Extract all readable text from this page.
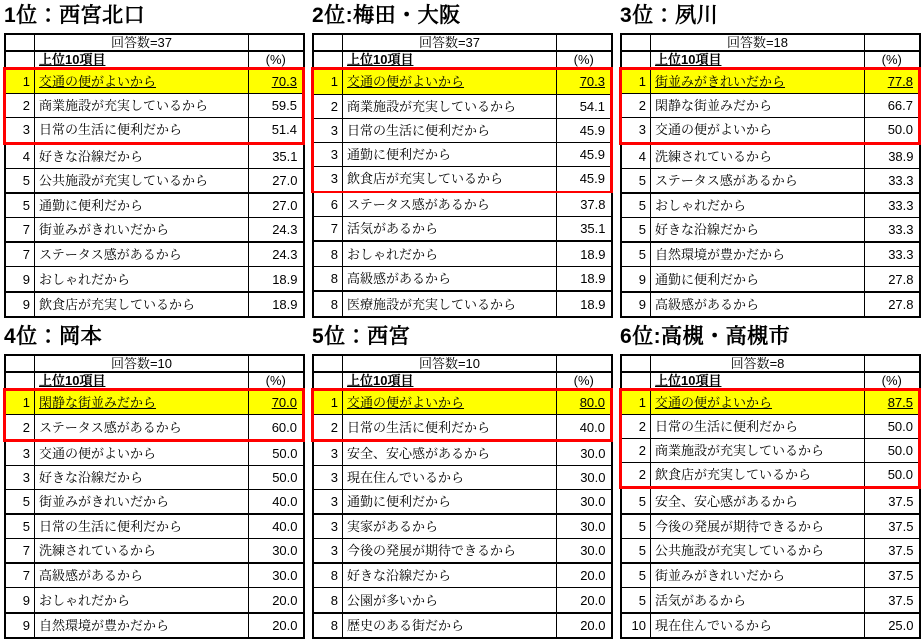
1位：西宮北口
	回答数=37	
	上位10項目	(%)
1	交通の便がよいから	70.3
2	商業施設が充実しているから	59.5
3	日常の生活に便利だから	51.4
4	好きな沿線だから	35.1
5	公共施設が充実しているから	27.0
5	通勤に便利だから	27.0
7	街並みがきれいだから	24.3
7	ステータス感があるから	24.3
9	おしゃれだから	18.9
9	飲食店が充実しているから	18.9
2位:梅田・大阪
	回答数=37	
	上位10項目	(%)
1	交通の便がよいから	70.3
2	商業施設が充実しているから	54.1
3	日常の生活に便利だから	45.9
3	通勤に便利だから	45.9
3	飲食店が充実しているから	45.9
6	ステータス感があるから	37.8
7	活気があるから	35.1
8	おしゃれだから	18.9
8	高級感があるから	18.9
8	医療施設が充実しているから	18.9
3位：夙川
	回答数=18	
	上位10項目	(%)
1	街並みがきれいだから	77.8
2	閑静な街並みだから	66.7
3	交通の便がよいから	50.0
4	洗練されているから	38.9
5	ステータス感があるから	33.3
5	おしゃれだから	33.3
5	好きな沿線だから	33.3
5	自然環境が豊かだから	33.3
9	通勤に便利だから	27.8
9	高級感があるから	27.8
4位：岡本
	回答数=10	
	上位10項目	(%)
1	閑静な街並みだから	70.0
2	ステータス感があるから	60.0
3	交通の便がよいから	50.0
3	好きな沿線だから	50.0
5	街並みがきれいだから	40.0
5	日常の生活に便利だから	40.0
7	洗練されているから	30.0
7	高級感があるから	30.0
9	おしゃれだから	20.0
9	自然環境が豊かだから	20.0
5位：西宮
	回答数=10	
	上位10項目	(%)
1	交通の便がよいから	80.0
2	日常の生活に便利だから	40.0
3	安全、安心感があるから	30.0
3	現在住んでいるから	30.0
3	通勤に便利だから	30.0
3	実家があるから	30.0
3	今後の発展が期待できるから	30.0
8	好きな沿線だから	20.0
8	公園が多いから	20.0
8	歴史のある街だから	20.0
6位:高槻・高槻市
	回答数=8	
	上位10項目	(%)
1	交通の便がよいから	87.5
2	日常の生活に便利だから	50.0
2	商業施設が充実しているから	50.0
2	飲食店が充実しているから	50.0
5	安全、安心感があるから	37.5
5	今後の発展が期待できるから	37.5
5	公共施設が充実しているから	37.5
5	街並みがきれいだから	37.5
5	活気があるから	37.5
10	現在住んでいるから	25.0
